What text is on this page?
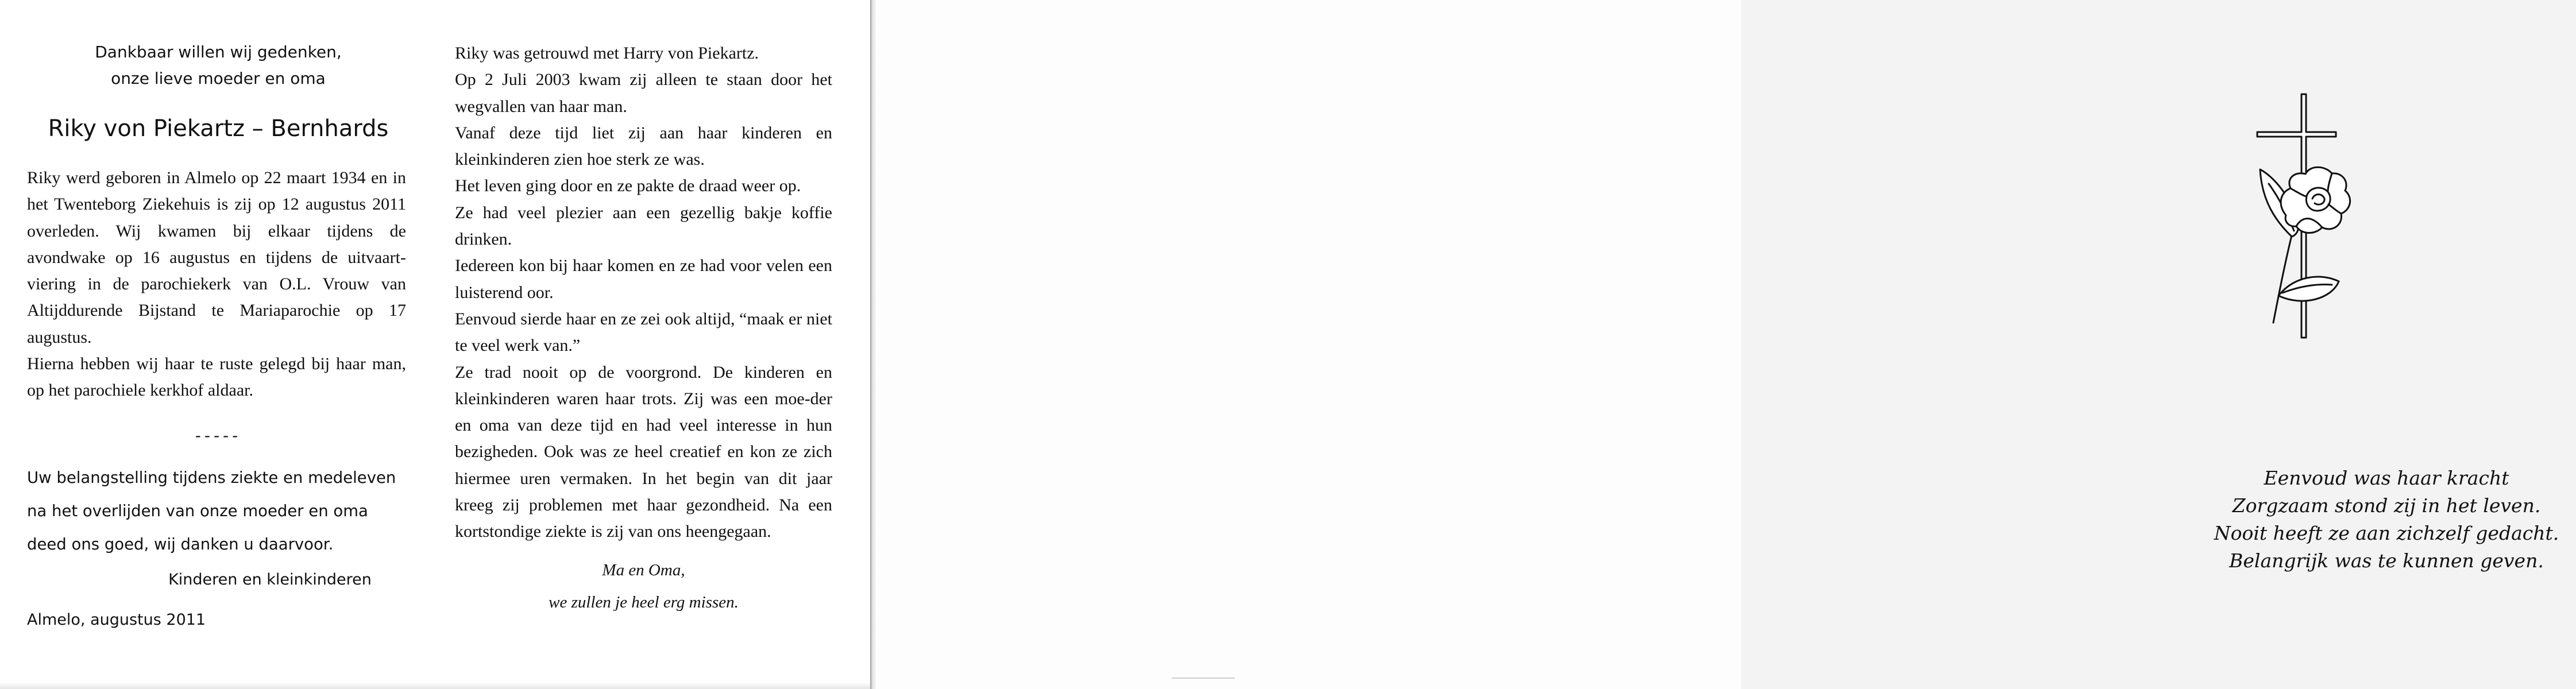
Dankbaar willen wij gedenken,
onze lieve moeder en oma
Riky von Piekartz – Bernhards

Riky werd geboren in Almelo op 22 maart 1934 en in het Twenteborg Ziekehuis is zij op 12 augustus 2011 overleden. Wij kwamen bij elkaar tijdens de avondwake op 16 augustus en tijdens de uitvaart-viering in de parochiekerk van O.L. Vrouw van Altijddurende Bijstand te Mariaparochie op 17 augustus.

Hierna hebben wij haar te ruste gelegd bij haar man, op het parochiele kerkhof aldaar.

-----

Uw belangstelling tijdens ziekte en medeleven na het overlijden van onze moeder en oma deed ons goed, wij danken u daarvoor.

Kinderen en kleinkinderen
Almelo, augustus 2011

Riky was getrouwd met Harry von Piekartz.

Op 2 Juli 2003 kwam zij alleen te staan door het wegvallen van haar man.

Vanaf deze tijd liet zij aan haar kinderen en kleinkinderen zien hoe sterk ze was.

Het leven ging door en ze pakte de draad weer op.

Ze had veel plezier aan een gezellig bakje koffie drinken.

Iedereen kon bij haar komen en ze had voor velen een luisterend oor.

Eenvoud sierde haar en ze zei ook altijd, “maak er niet te veel werk van.”

Ze trad nooit op de voorgrond. De kinderen en kleinkinderen waren haar trots. Zij was een moe-der en oma van deze tijd en had veel interesse in hun bezigheden. Ook was ze heel creatief en kon ze zich hiermee uren vermaken. In het begin van dit jaar kreeg zij problemen met haar gezondheid. Na een kortstondige ziekte is zij van ons heengegaan.

Ma en Oma,
we zullen je heel erg missen.
Eenvoud was haar kracht
Zorgzaam stond zij in het leven.
Nooit heeft ze aan zichzelf gedacht.
Belangrijk was te kunnen geven.
